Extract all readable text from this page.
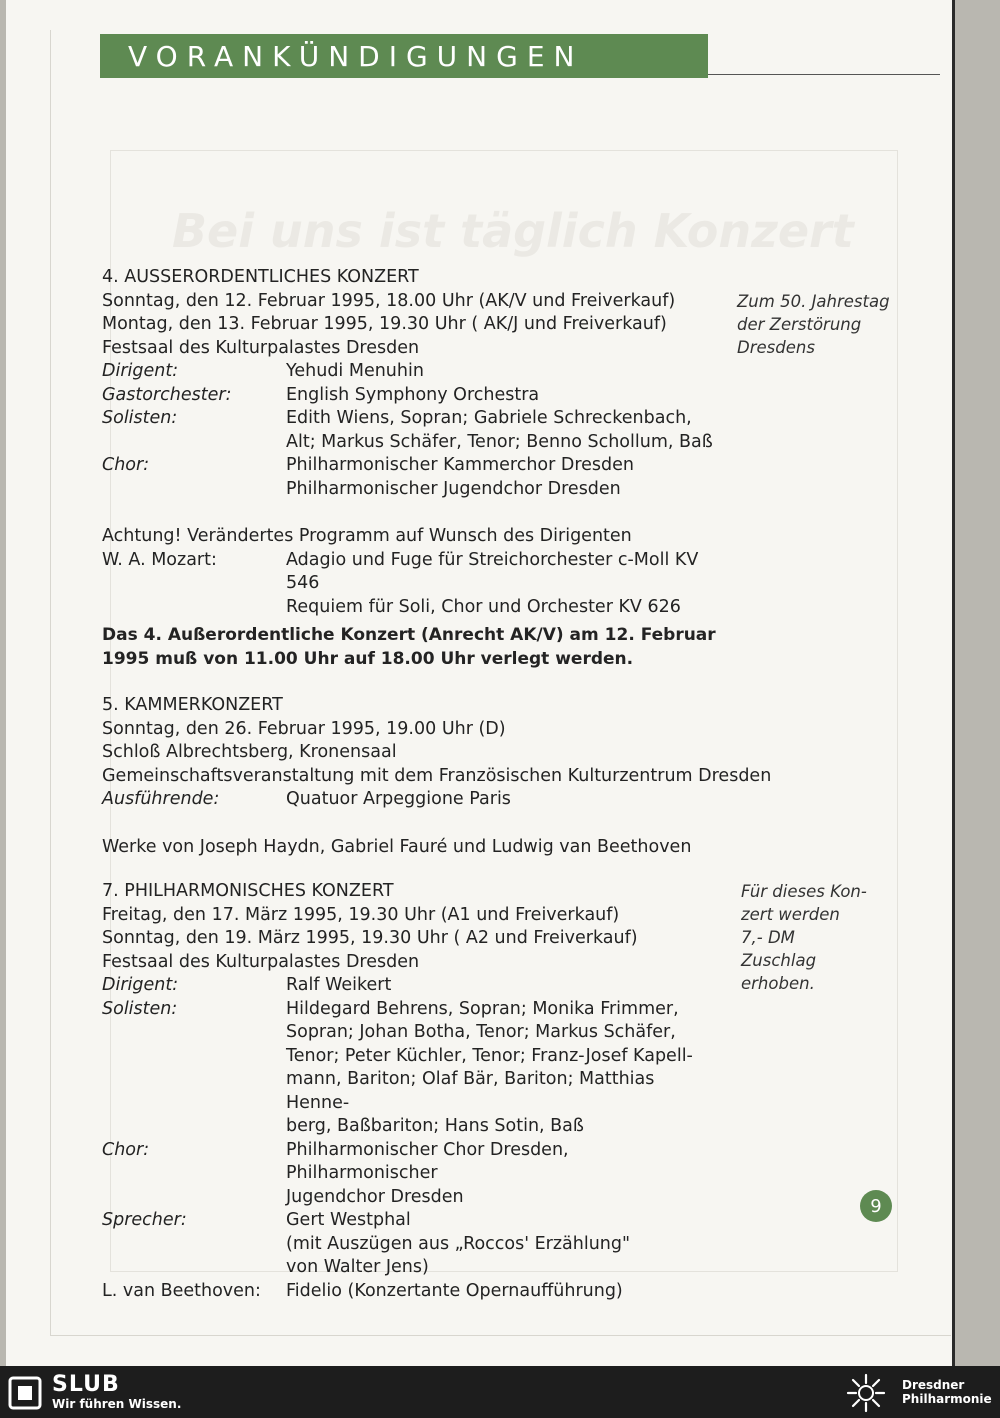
Bei uns ist täglich Konzert
VORANKÜNDIGUNGEN
4. AUSSERORDENTLICHES KONZERT
Sonntag, den 12. Februar 1995, 18.00 Uhr (AK/V und Freiverkauf)
Montag, den 13. Februar 1995, 19.30 Uhr ( AK/J und Freiverkauf)
Festsaal des Kulturpalastes Dresden
Dirigent:	Yehudi Menuhin
Gastorchester:	English Symphony Orchestra
Solisten:	Edith Wiens, Sopran; Gabriele Schreckenbach,
Alt; Markus Schäfer, Tenor; Benno Schollum, Baß
Chor:	Philharmonischer Kammerchor Dresden
Philharmonischer Jugendchor Dresden
Achtung! Verändertes Programm auf Wunsch des Dirigenten
W. A. Mozart:	Adagio und Fuge für Streichorchester c-Moll KV 546
Requiem für Soli, Chor und Orchester KV 626
Das 4. Außerordentliche Konzert (Anrecht AK/V) am 12. Februar
1995 muß von 11.00 Uhr auf 18.00 Uhr verlegt werden.
5. KAMMERKONZERT
Sonntag, den 26. Februar 1995, 19.00 Uhr (D)
Schloß Albrechtsberg, Kronensaal
Gemeinschaftsveranstaltung mit dem Französischen Kulturzentrum Dresden
Ausführende:	Quatuor Arpeggione Paris
Werke von Joseph Haydn, Gabriel Fauré und Ludwig van Beethoven
7. PHILHARMONISCHES KONZERT
Freitag, den 17. März 1995, 19.30 Uhr (A1 und Freiverkauf)
Sonntag, den 19. März 1995, 19.30 Uhr ( A2 und Freiverkauf)
Festsaal des Kulturpalastes Dresden
Dirigent:	Ralf Weikert
Solisten:	Hildegard Behrens, Sopran; Monika Frimmer,
Sopran; Johan Botha, Tenor; Markus Schäfer,
Tenor; Peter Küchler, Tenor; Franz-Josef Kapell-
mann, Bariton; Olaf Bär, Bariton; Matthias Henne-
berg, Baßbariton; Hans Sotin, Baß
Chor:	Philharmonischer Chor Dresden, Philharmonischer
Jugendchor Dresden
Sprecher:	Gert Westphal
(mit Auszügen aus „Roccos' Erzählung"
von Walter Jens)
L. van Beethoven:	Fidelio (Konzertante Opernaufführung)
Zum 50. Jahrestag
der Zerstörung
Dresdens
Für dieses Kon-
zert werden
7,- DM
Zuschlag
erhoben.
9
SLUB
Wir führen Wissen.
Dresdner
Philharmonie
